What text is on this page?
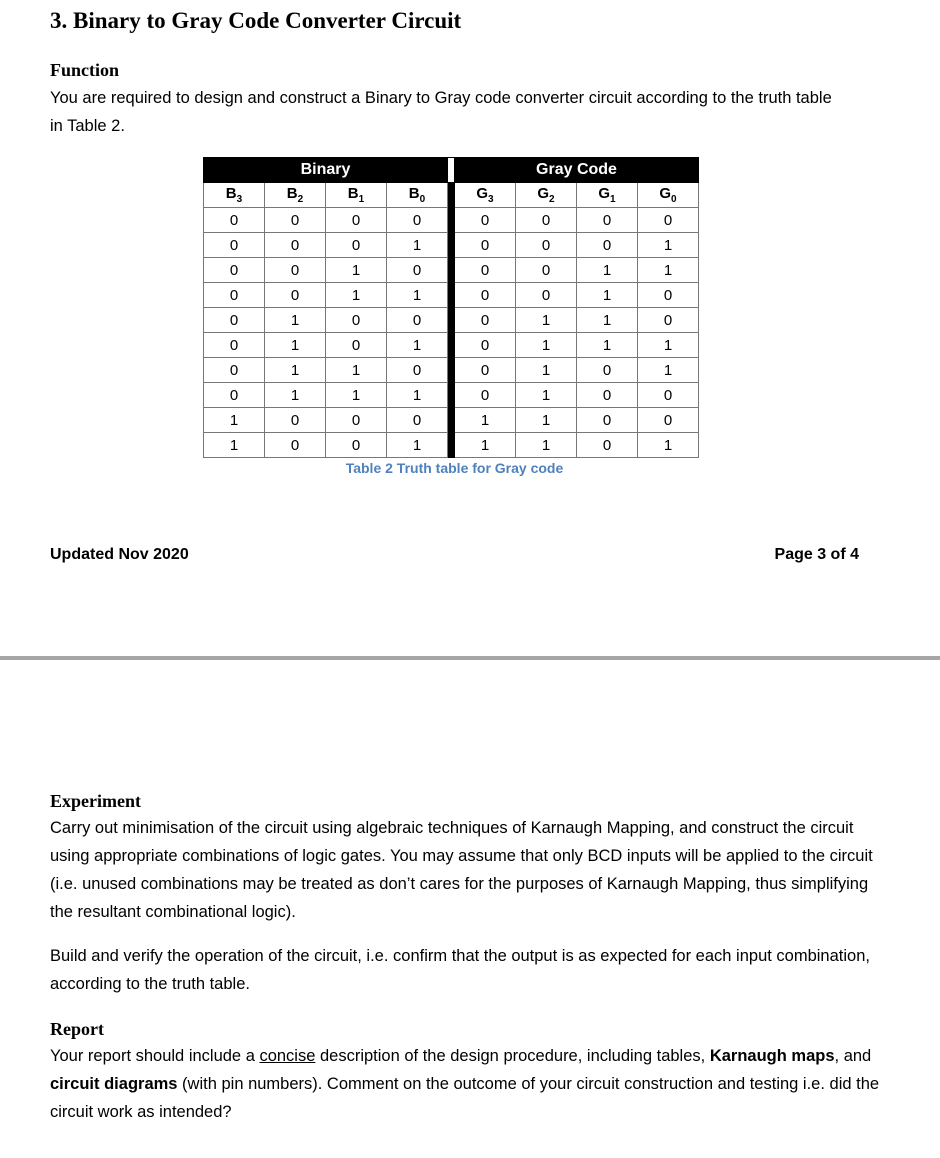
3. Binary to Gray Code Converter Circuit

Function

You are required to design and construct a Binary to Gray code converter circuit according to the truth table in Table 2.

Binary					Gray Code			
$B_3$	$B_2$	$B_1$	$B_0$		$G_3$	$G_2$	$G_1$	$G_0$
0	0	0	0		0	0	0	0
0	0	0	1		0	0	0	1
0	0	1	0		0	0	1	1
0	0	1	1		0	0	1	0
0	1	0	0		0	1	1	0
0	1	0	1		0	1	1	1
0	1	1	0		0	1	0	1
0	1	1	1		0	1	0	0
1	0	0	0		1	1	0	0
1	0	0	1		1	1	0	1
Table 2 Truth table for Gray code
Updated Nov 2020	Page 3 of 4

Experiment

Carry out minimisation of the circuit using algebraic techniques of Karnaugh Mapping, and construct the circuit using appropriate combinations of logic gates. You may assume that only BCD inputs will be applied to the circuit (i.e. unused combinations may be treated as don’t cares for the purposes of Karnaugh Mapping, thus simplifying the resultant combinational logic).

Build and verify the operation of the circuit, i.e. confirm that the output is as expected for each input combination, according to the truth table.

Report

Your report should include a concise description of the design procedure, including tables, Karnaugh maps, and circuit diagrams (with pin numbers). Comment on the outcome of your circuit construction and testing i.e. did the circuit work as intended?
